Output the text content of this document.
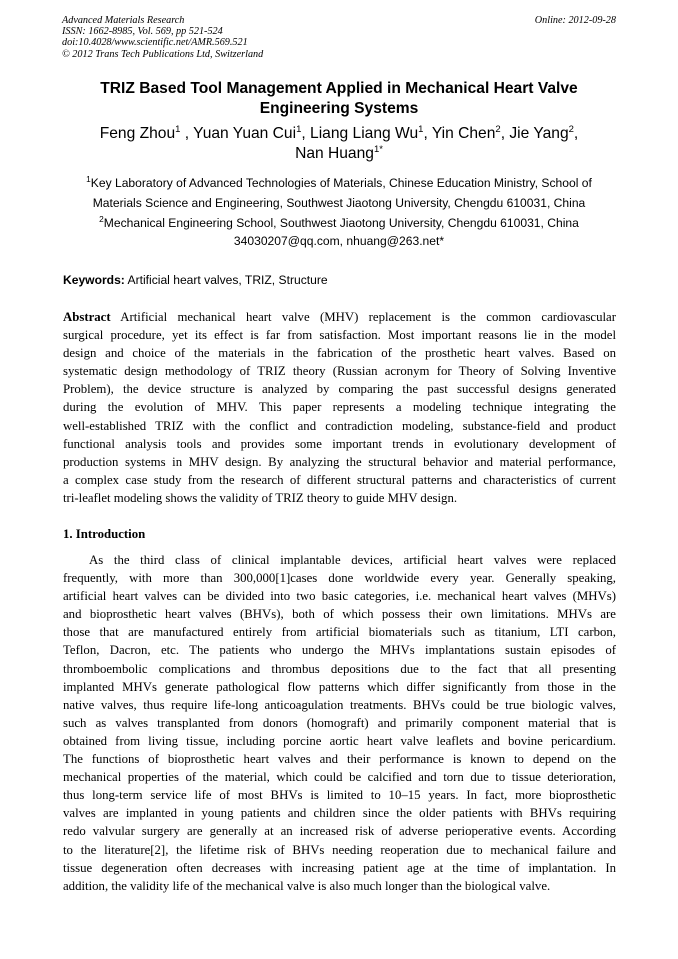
Advanced Materials Research
ISSN: 1662-8985, Vol. 569, pp 521-524
doi:10.4028/www.scientific.net/AMR.569.521
© 2012 Trans Tech Publications Ltd, Switzerland
Online: 2012-09-28
TRIZ Based Tool Management Applied in Mechanical Heart Valve
Engineering Systems
Feng Zhou$^1$ , Yuan Yuan Cui$^1$, Liang Liang Wu$^1$, Yin Chen$^2$, Jie Yang$^2$,
Nan Huang$^{1*}$
$^1$Key Laboratory of Advanced Technologies of Materials, Chinese Education Ministry, School of
Materials Science and Engineering, Southwest Jiaotong University, Chengdu 610031, China
$^2$Mechanical Engineering School, Southwest Jiaotong University, Chengdu 610031, China
34030207@qq.com, nhuang@263.net*
Keywords: Artificial heart valves, TRIZ, Structure
Abstract Artificial mechanical heart valve (MHV) replacement is the common cardiovascular
surgical procedure, yet its effect is far from satisfaction. Most important reasons lie in the model
design and choice of the materials in the fabrication of the prosthetic heart valves. Based on
systematic design methodology of TRIZ theory (Russian acronym for Theory of Solving Inventive
Problem), the device structure is analyzed by comparing the past successful designs generated
during the evolution of MHV. This paper represents a modeling technique integrating the
well-established TRIZ with the conflict and contradiction modeling, substance-field and product
functional analysis tools and provides some important trends in evolutionary development of
production systems in MHV design. By analyzing the structural behavior and material performance,
a complex case study from the research of different structural patterns and characteristics of current
tri-leaflet modeling shows the validity of TRIZ theory to guide MHV design.
1. Introduction
As the third class of clinical implantable devices, artificial heart valves were replaced
frequently, with more than 300,000[1]cases done worldwide every year. Generally speaking,
artificial heart valves can be divided into two basic categories, i.e. mechanical heart valves (MHVs)
and bioprosthetic heart valves (BHVs), both of which possess their own limitations. MHVs are
those that are manufactured entirely from artificial biomaterials such as titanium, LTI carbon,
Teflon, Dacron, etc. The patients who undergo the MHVs implantations sustain episodes of
thromboembolic complications and thrombus depositions due to the fact that all presenting
implanted MHVs generate pathological flow patterns which differ significantly from those in the
native valves, thus require life-long anticoagulation treatments. BHVs could be true biologic valves,
such as valves transplanted from donors (homograft) and primarily component material that is
obtained from living tissue, including porcine aortic heart valve leaflets and bovine pericardium.
The functions of bioprosthetic heart valves and their performance is known to depend on the
mechanical properties of the material, which could be calcified and torn due to tissue deterioration,
thus long-term service life of most BHVs is limited to 10–15 years. In fact, more bioprosthetic
valves are implanted in young patients and children since the older patients with BHVs requiring
redo valvular surgery are generally at an increased risk of adverse perioperative events. According
to the literature[2], the lifetime risk of BHVs needing reoperation due to mechanical failure and
tissue degeneration often decreases with increasing patient age at the time of implantation. In
addition, the validity life of the mechanical valve is also much longer than the biological valve.
